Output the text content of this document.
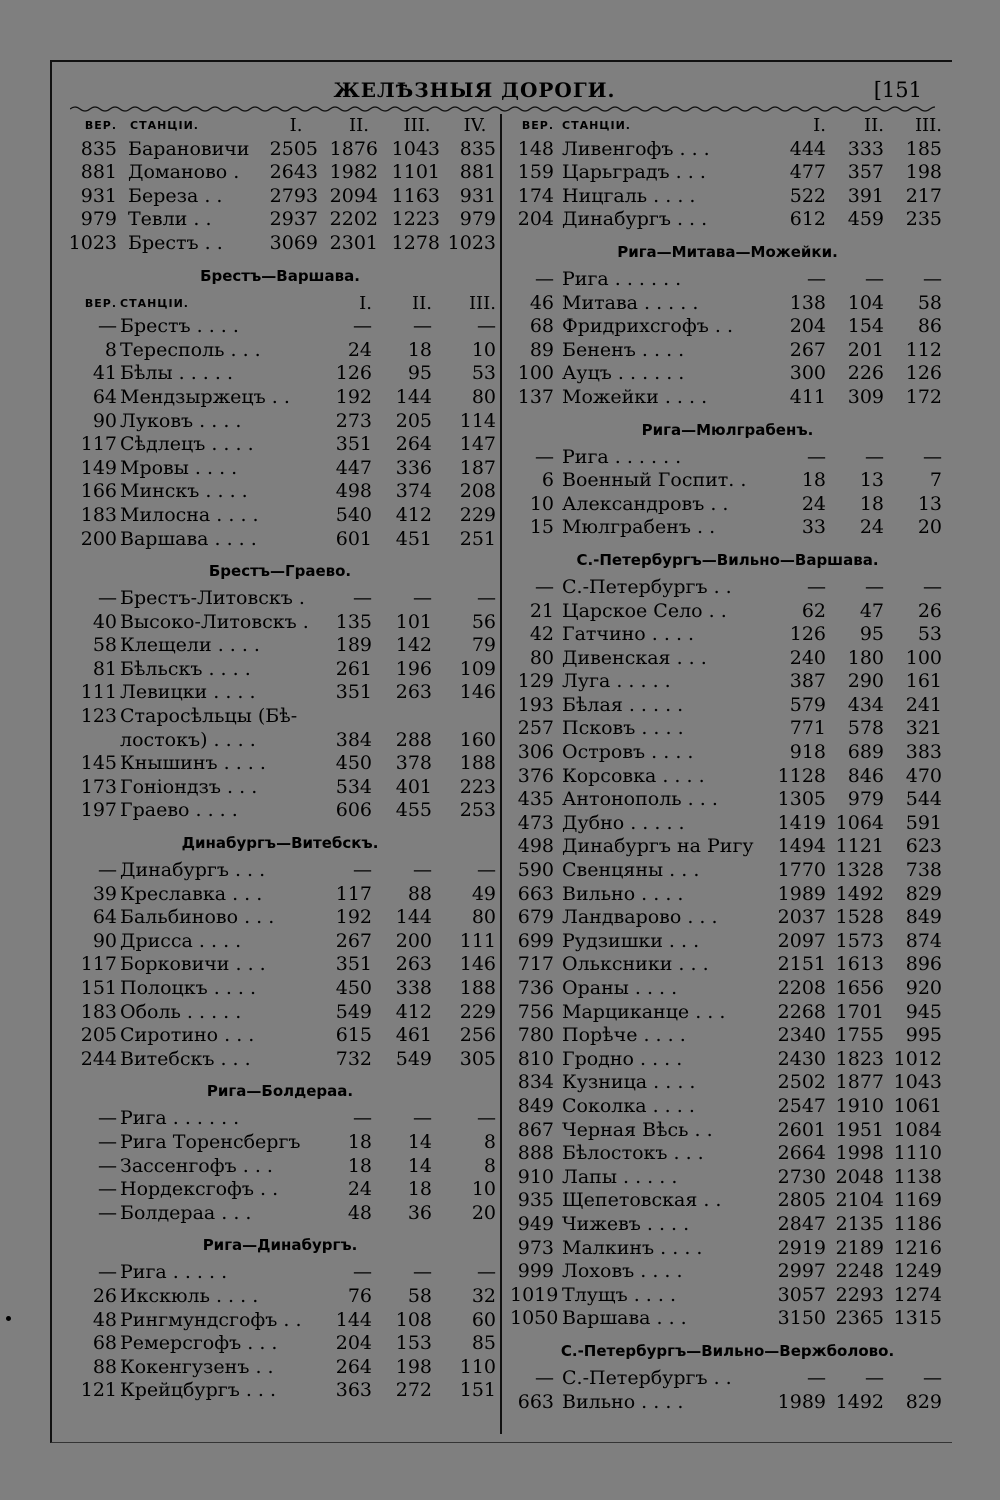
ЖЕЛѢЗНЫЯ ДОРОГИ.	[151
ВЕР. СТАНЦІИ.	I.	II.	III.	IV.
835 Барановичи	2505 1876 1043	835
881 Доманово .	2643 1982 1101	881
931 Береза . .	2793 2094 1163	931
979 Тевли . .	2937 2202 1223	979
1023 Брестъ . .	3069 2301 1278 1023
Брестъ—Варшава.
ВЕР. СТАНЦІИ.	I.	II.	III.
— Брестъ . . . .	—	—	—
8 Тересполь . . .	24	18	10
41 Бѣлы . . . . .	126	95	53
64 Мендзыржецъ . .	192	144	80
90 Луковъ . . . .	273	205	114
117 Сѣдлецъ . . . .	351	264	147
149 Мровы . . . .	447	336	187
166 Минскъ . . . .	498	374	208
183 Милосна . . . .	540	412	229
200 Варшава . . . .	601	451	251
Брестъ—Граево.
— Брестъ-Литовскъ .	—	—	—
40 Высоко-Литовскъ .	135	101	56
58 Клещели . . . .	189	142	79
81 Бѣльскъ . . . .	261	196	109
111 Левицки . . . .	351	263	146
123 Старосѣльцы (Бѣ-
лостокъ) . . . .	384	288	160
145 Кнышинъ . . . .	450	378	188
173 Гоніондзъ . . .	534	401	223
197 Граево . . . .	606	455	253
Динабургъ—Витебскъ.
— Динабургъ . . .	—	—	—
39 Креславка . . .	117	88	49
64 Бальбиново . . .	192	144	80
90 Дрисса . . . .	267	200	111
117 Борковичи . . .	351	263	146
151 Полоцкъ . . . .	450	338	188
183 Оболь . . . . .	549	412	229
205 Сиротино . . .	615	461	256
244 Витебскъ . . .	732	549	305
Рига—Болдераа.
— Рига . . . . . .	—	—	—
— Рига Торенсбергъ	18	14	8
— Зассенгофъ . . .	18	14	8
— Нордексгофъ . .	24	18	10
— Болдераа . . .	48	36	20
Рига—Динабургъ.
— Рига . . . . .	—	—	—
26 Икскюль . . . .	76	58	32
48 Рингмундсгофъ . .	144	108	60
68 Ремерсгофъ . . .	204	153	85
88 Кокенгузенъ . .	264	198	110
121 Крейцбургъ . . .	363	272	151
ВЕР. СТАНЦІИ.	I.	II.	III.
148 Ливенгофъ . . .	444	333	185
159 Царьградъ . . .	477	357	198
174 Ницгаль . . . .	522	391	217
204 Динабургъ . . .	612	459	235
Рига—Митава—Можейки.
— Рига . . . . . .	—	—	—
46 Митава . . . . .	138	104	58
68 Фридрихсгофъ . .	204	154	86
89 Бененъ . . . .	267	201	112
100 Ауцъ . . . . . .	300	226	126
137 Можейки . . . .	411	309	172
Рига—Мюлграбенъ.
— Рига . . . . . .	—	—	—
6 Военный Госпит. .	18	13	7
10 Александровъ . .	24	18	13
15 Мюлграбенъ . .	33	24	20
С.-Петербургъ—Вильно—Варшава.
— С.-Петербургъ . .	—	—	—
21 Царское Село . .	62	47	26
42 Гатчино . . . .	126	95	53
80 Дивенская . . .	240	180	100
129 Луга . . . . .	387	290	161
193 Бѣлая . . . . .	579	434	241
257 Псковъ . . . .	771	578	321
306 Островъ . . . .	918	689	383
376 Корсовка . . . .	1128	846	470
435 Антонополь . . .	1305	979	544
473 Дубно . . . . .	1419 1064	591
498 Динабургъ на Ригу	1494 1121	623
590 Свенцяны . . .	1770 1328	738
663 Вильно . . . .	1989 1492	829
679 Ландварово . . .	2037 1528	849
699 Рудзишки . . .	2097 1573	874
717 Ольксники . . .	2151 1613	896
736 Ораны . . . .	2208 1656	920
756 Марциканце . . .	2268 1701	945
780 Порѣче . . . .	2340 1755	995
810 Гродно . . . .	2430 1823 1012
834 Кузница . . . .	2502 1877 1043
849 Соколка . . . .	2547 1910 1061
867 Черная Вѣсь . .	2601 1951 1084
888 Бѣлостокъ . . .	2664 1998 1110
910 Лапы . . . . .	2730 2048 1138
935 Щепетовская . .	2805 2104 1169
949 Чижевъ . . . .	2847 2135 1186
973 Малкинъ . . . .	2919 2189 1216
999 Лоховъ . . . .	2997 2248 1249
1019 Тлущъ . . . .	3057 2293 1274
1050 Варшава . . .	3150 2365 1315
С.-Петербургъ—Вильно—Вержболово.
— С.-Петербургъ . .	—	—	—
663 Вильно . . . .	1989 1492	829
